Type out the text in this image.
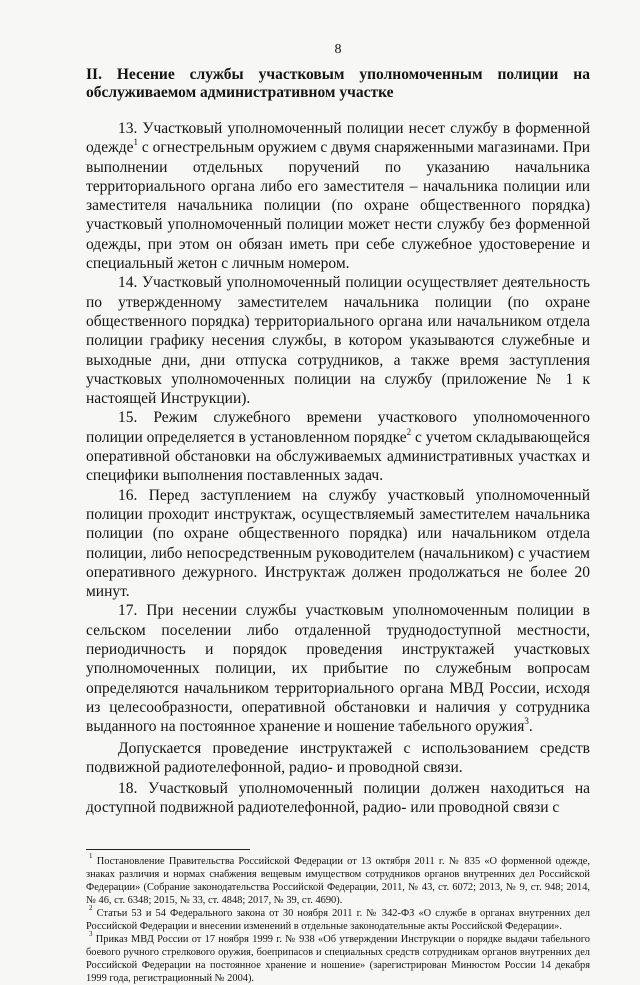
8
II. Несение службы участковым уполномоченным полиции на обслуживаемом административном участке

13. Участковый уполномоченный полиции несет службу в форменной одежде$^1$ с огнестрельным оружием с двумя снаряженными магазинами. При выполнении отдельных поручений по указанию начальника территориального органа либо его заместителя – начальника полиции или заместителя начальника полиции (по охране общественного порядка) участковый уполномоченный полиции может нести службу без форменной одежды, при этом он обязан иметь при себе служебное удостоверение и специальный жетон с личным номером.

14. Участковый уполномоченный полиции осуществляет деятельность по утвержденному заместителем начальника полиции (по охране общественного порядка) территориального органа или начальником отдела полиции графику несения службы, в котором указываются служебные и выходные дни, дни отпуска сотрудников, а также время заступления участковых уполномоченных полиции на службу (приложение № 1 к настоящей Инструкции).

15. Режим служебного времени участкового уполномоченного полиции определяется в установленном порядке$^2$ с учетом складывающейся оперативной обстановки на обслуживаемых административных участках и специфики выполнения поставленных задач.

16. Перед заступлением на службу участковый уполномоченный полиции проходит инструктаж, осуществляемый заместителем начальника полиции (по охране общественного порядка) или начальником отдела полиции, либо непосредственным руководителем (начальником) с участием оперативного дежурного. Инструктаж должен продолжаться не более 20 минут.

17. При несении службы участковым уполномоченным полиции в сельском поселении либо отдаленной труднодоступной местности, периодичность и порядок проведения инструктажей участковых уполномоченных полиции, их прибытие по служебным вопросам определяются начальником территориального органа МВД России, исходя из целесообразности, оперативной обстановки и наличия у сотрудника выданного на постоянное хранение и ношение табельного оружия$^3$.

Допускается проведение инструктажей с использованием средств подвижной радиотелефонной, радио- и проводной связи.

18. Участковый уполномоченный полиции должен находиться на доступной подвижной радиотелефонной, радио- или проводной связи с

$^1$ Постановление Правительства Российской Федерации от 13 октября 2011 г. № 835 «О форменной одежде, знаках различия и нормах снабжения вещевым имуществом сотрудников органов внутренних дел Российской Федерации» (Собрание законодательства Российской Федерации, 2011, № 43, ст. 6072; 2013, № 9, ст. 948; 2014, № 46, ст. 6348; 2015, № 33, ст. 4848; 2017, № 39, ст. 4690).

$^2$ Статьи 53 и 54 Федерального закона от 30 ноября 2011 г. № 342-ФЗ «О службе в органах внутренних дел Российской Федерации и внесении изменений в отдельные законодательные акты Российской Федерации».

$^3$ Приказ МВД России от 17 ноября 1999 г. № 938 «Об утверждении Инструкции о порядке выдачи табельного боевого ручного стрелкового оружия, боеприпасов и специальных средств сотрудникам органов внутренних дел Российской Федерации на постоянное хранение и ношение» (зарегистрирован Минюстом России 14 декабря 1999 года, регистрационный № 2004).
